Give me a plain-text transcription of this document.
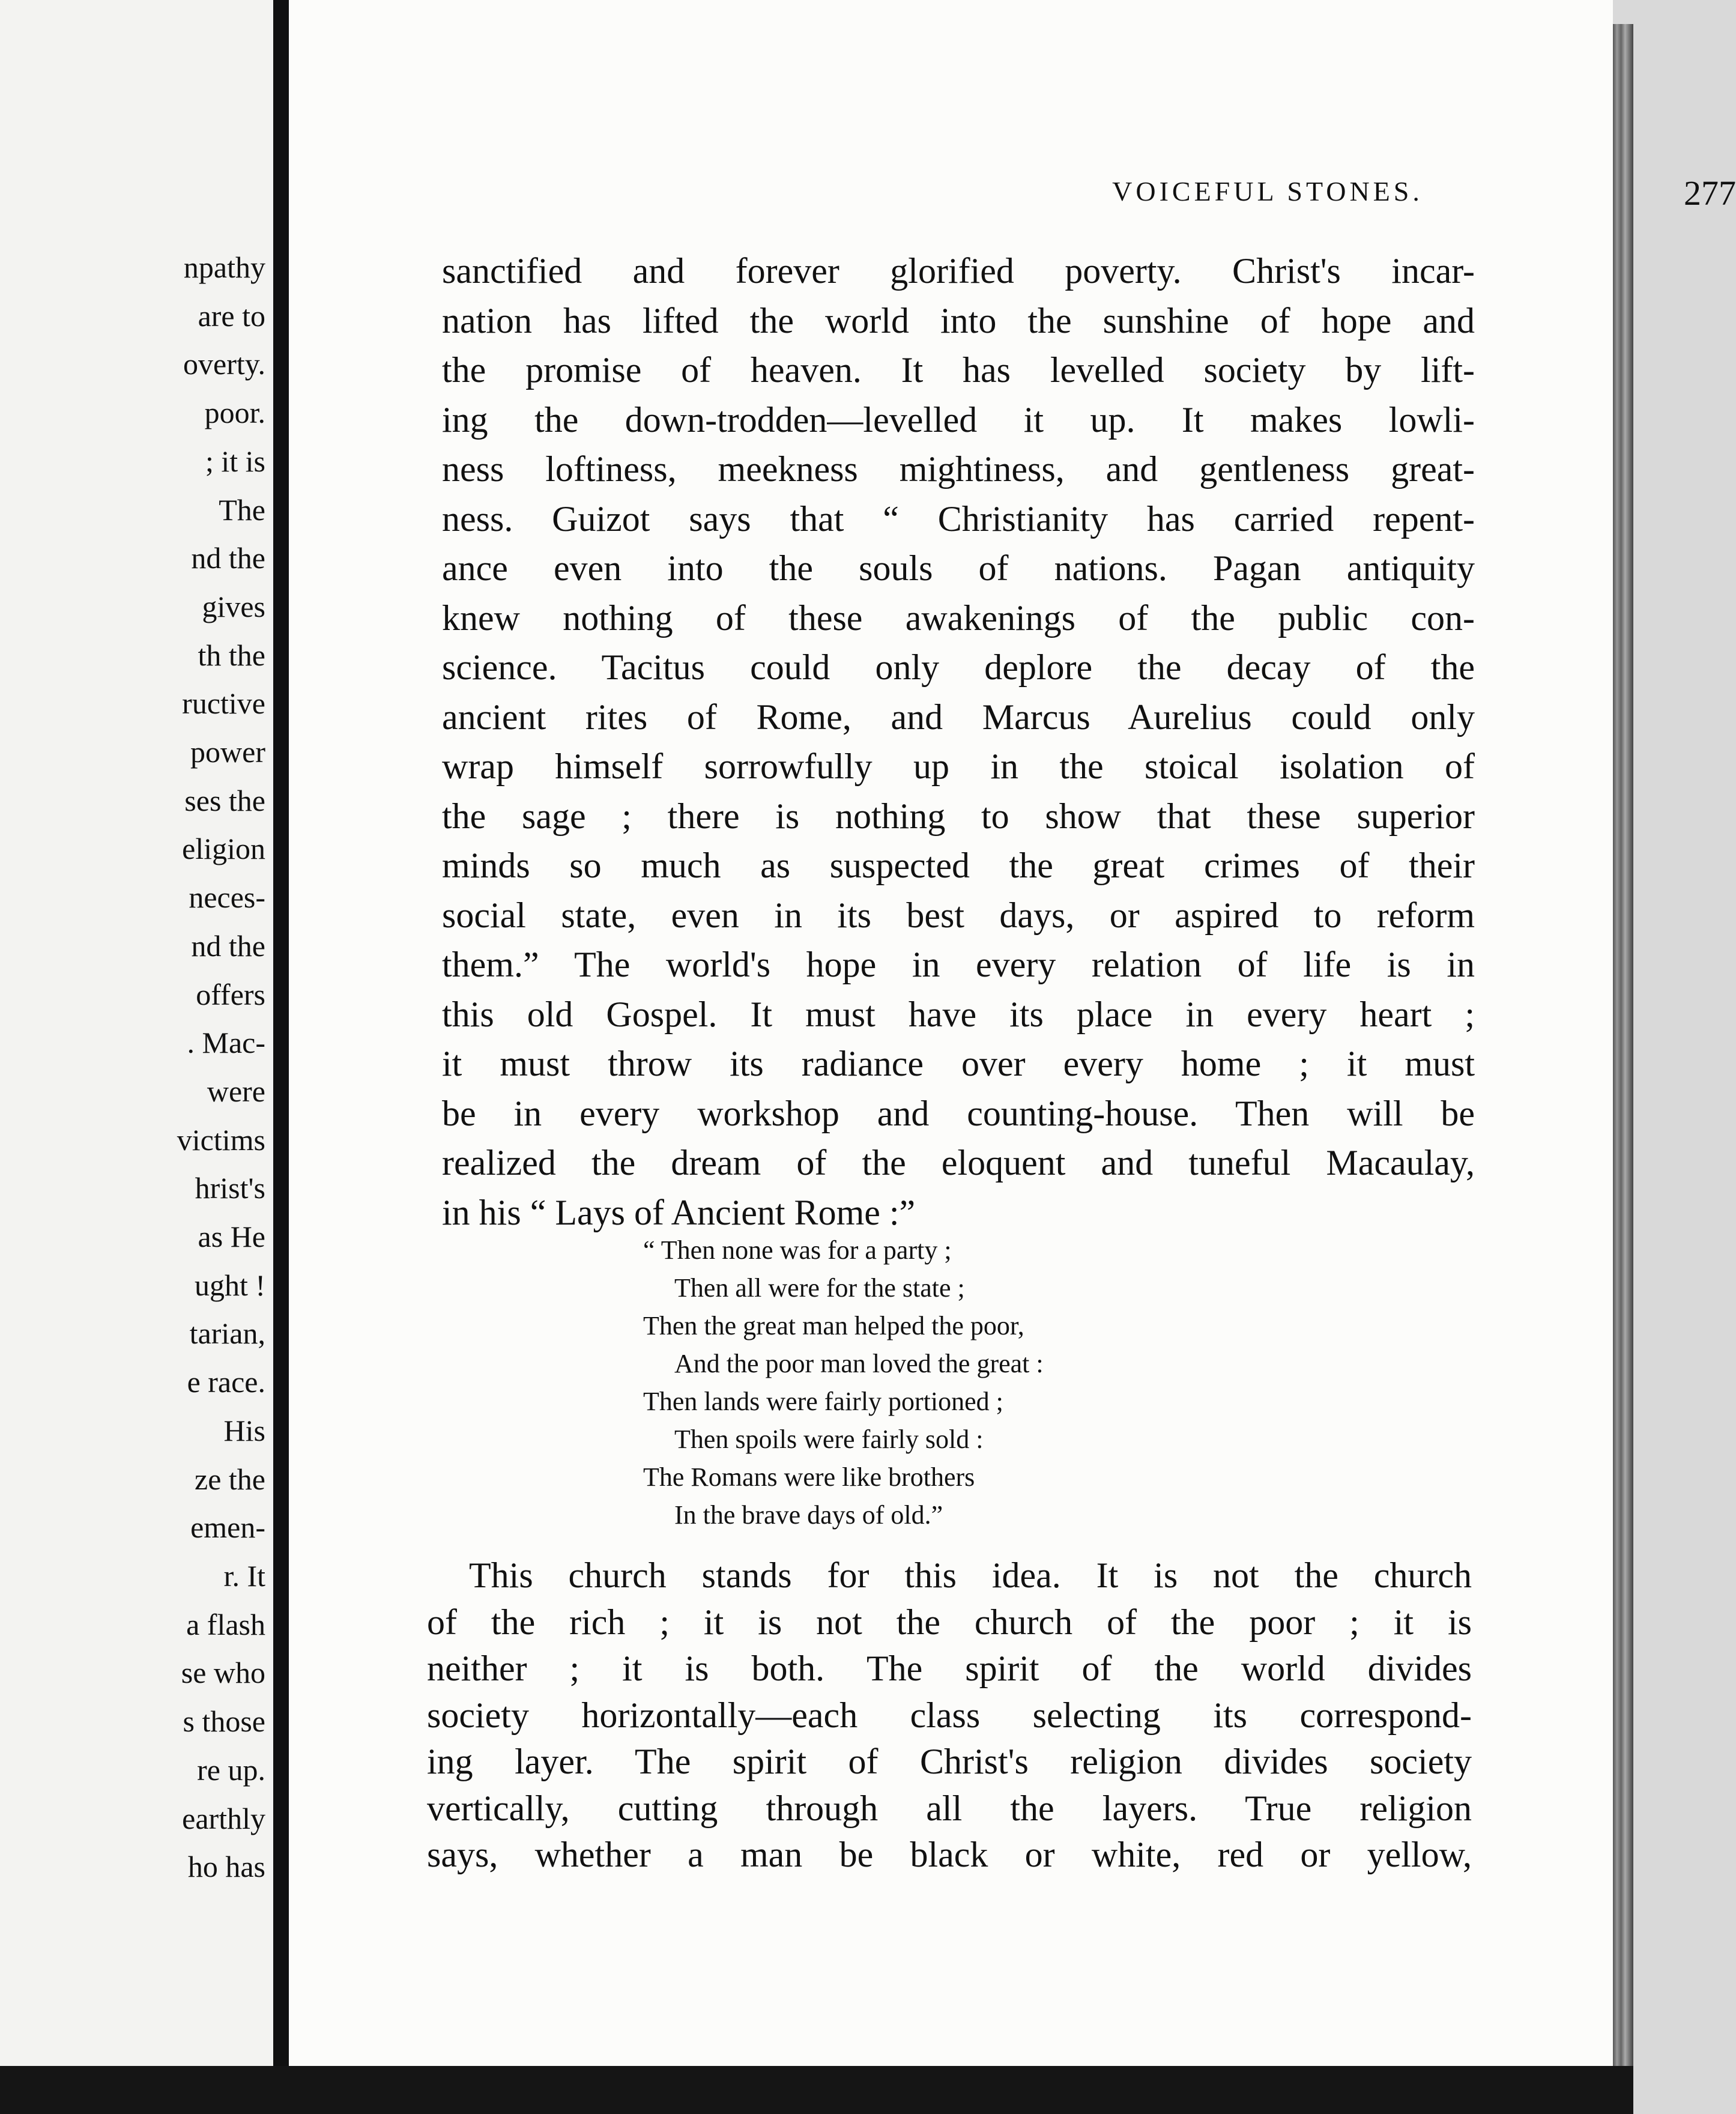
npathy
are to
overty.
poor.
; it is
The
nd the
gives
th the
ructive
power
ses the
eligion
neces-
nd the
offers
. Mac-
were
victims
hrist's
as He
ught !
tarian,
e race.
His
ze the
emen-
r. It
a flash
se who
s those
re up.
earthly
ho has
VOICEFUL STONES.	277
sanctified and forever glorified poverty. Christ's incar-
nation has lifted the world into the sunshine of hope and
the promise of heaven. It has levelled society by lift-
ing the down-trodden—levelled it up. It makes lowli-
ness loftiness, meekness mightiness, and gentleness great-
ness. Guizot says that “ Christianity has carried repent-
ance even into the souls of nations. Pagan antiquity
knew nothing of these awakenings of the public con-
science. Tacitus could only deplore the decay of the
ancient rites of Rome, and Marcus Aurelius could only
wrap himself sorrowfully up in the stoical isolation of
the sage ; there is nothing to show that these superior
minds so much as suspected the great crimes of their
social state, even in its best days, or aspired to reform
them.” The world's hope in every relation of life is in
this old Gospel. It must have its place in every heart ;
it must throw its radiance over every home ; it must
be in every workshop and counting-house. Then will be
realized the dream of the eloquent and tuneful Macaulay,
in his “ Lays of Ancient Rome :”
“ Then none was for a party ;
Then all were for the state ;
Then the great man helped the poor,
And the poor man loved the great :
Then lands were fairly portioned ;
Then spoils were fairly sold :
The Romans were like brothers
In the brave days of old.”
This church stands for this idea. It is not the church
of the rich ; it is not the church of the poor ; it is
neither ; it is both. The spirit of the world divides
society horizontally—each class selecting its correspond-
ing layer. The spirit of Christ's religion divides society
vertically, cutting through all the layers. True religion
says, whether a man be black or white, red or yellow,
